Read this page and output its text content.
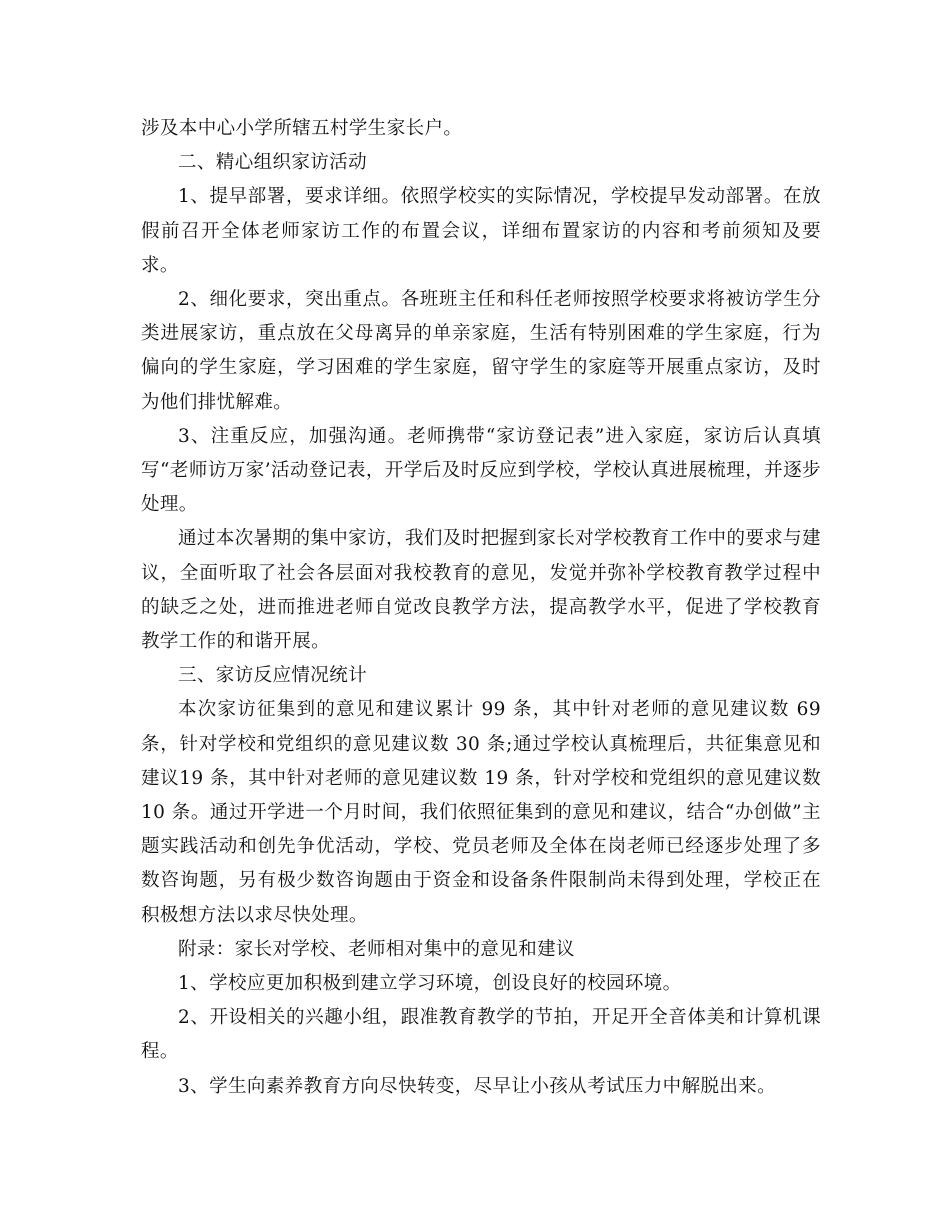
涉及本中心小学所辖五村学生家长户。

二、精心组织家访活动

1、提早部署，要求详细。依照学校实的实际情况，学校提早发动部署。在放假前召开全体老师家访工作的布置会议，详细布置家访的内容和考前须知及要求。

2、细化要求，突出重点。各班班主任和科任老师按照学校要求将被访学生分类进展家访，重点放在父母离异的单亲家庭，生活有特别困难的学生家庭，行为偏向的学生家庭，学习困难的学生家庭，留守学生的家庭等开展重点家访，及时为他们排忧解难。

3、注重反应，加强沟通。老师携带“家访登记表”进入家庭，家访后认真填写“老师访万家’活动登记表，开学后及时反应到学校，学校认真进展梳理，并逐步处理。

通过本次暑期的集中家访，我们及时把握到家长对学校教育工作中的要求与建议，全面听取了社会各层面对我校教育的意见，发觉并弥补学校教育教学过程中的缺乏之处，进而推进老师自觉改良教学方法，提高教学水平，促进了学校教育教学工作的和谐开展。

三、家访反应情况统计

本次家访征集到的意见和建议累计 99 条，其中针对老师的意见建议数 69 条，针对学校和党组织的意见建议数 30 条;通过学校认真梳理后，共征集意见和建议19 条，其中针对老师的意见建议数 19 条，针对学校和党组织的意见建议数 10 条。通过开学进一个月时间，我们依照征集到的意见和建议，结合“办创做”主题实践活动和创先争优活动，学校、党员老师及全体在岗老师已经逐步处理了多数咨询题，另有极少数咨询题由于资金和设备条件限制尚未得到处理，学校正在积极想方法以求尽快处理。

附录：家长对学校、老师相对集中的意见和建议

1、学校应更加积极到建立学习环境，创设良好的校园环境。

2、开设相关的兴趣小组，跟准教育教学的节拍，开足开全音体美和计算机课程。

3、学生向素养教育方向尽快转变，尽早让小孩从考试压力中解脱出来。
